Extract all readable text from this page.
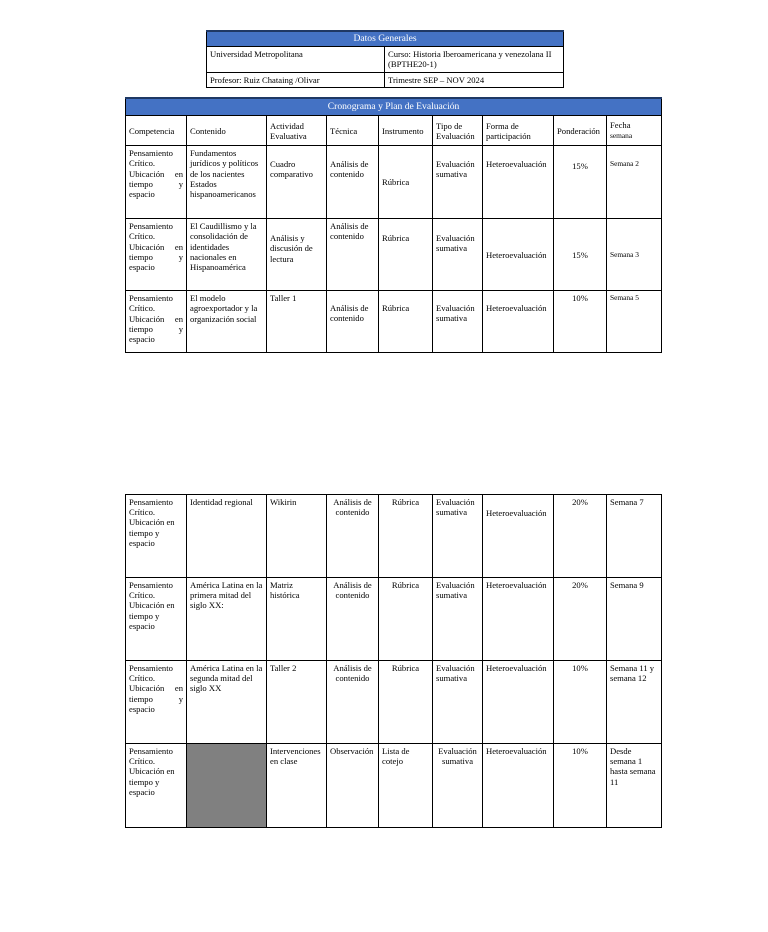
Datos Generales	
Universidad Metropolitana	Curso: Historia Iberoamericana y venezolana II (BPTHE20-1)
Profesor: Ruiz Chataing /Olivar	Trimestre SEP – NOV 2024
Cronograma y Plan de Evaluación								
Competencia	Contenido	Actividad Evaluativa	Técnica	Instrumento	Tipo de Evaluación	Forma de participación	Ponderación	Fecha
semana
Pensamiento Crítico. Ubicación en tiempo y espacio	Fundamentos jurídicos y políticos de los nacientes Estados hispanoamericanos	Cuadro comparativo	Análisis de contenido	Rúbrica	Evaluación sumativa	Heteroevaluación	15%	Semana 2
Pensamiento Crítico. Ubicación en tiempo y espacio	El Caudillismo y la consolidación de identidades nacionales en Hispanoamérica	Análisis y discusión de lectura	Análisis de contenido	Rúbrica	Evaluación sumativa	Heteroevaluación	15%	Semana 3
Pensamiento Crítico. Ubicación en tiempo y espacio	El modelo agroexportador y la organización social	Taller 1	Análisis de contenido	Rúbrica	Evaluación sumativa	Heteroevaluación	10%	Semana 5
Pensamiento Crítico. Ubicación en tiempo y espacio	Identidad regional	Wikirin	Análisis de contenido	Rúbrica	Evaluación sumativa	Heteroevaluación	20%	Semana 7
Pensamiento Crítico. Ubicación en tiempo y espacio	América Latina en la primera mitad del siglo XX:	Matriz histórica	Análisis de contenido	Rúbrica	Evaluación sumativa	Heteroevaluación	20%	Semana 9
Pensamiento Crítico. Ubicación en tiempo y espacio	América Latina en la segunda mitad del siglo XX	Taller 2	Análisis de contenido	Rúbrica	Evaluación sumativa	Heteroevaluación	10%	Semana 11 y semana 12
Pensamiento Crítico. Ubicación en tiempo y espacio		Intervenciones en clase	Observación	Lista de cotejo	Evaluación sumativa	Heteroevaluación	10%	Desde semana 1 hasta semana 11
